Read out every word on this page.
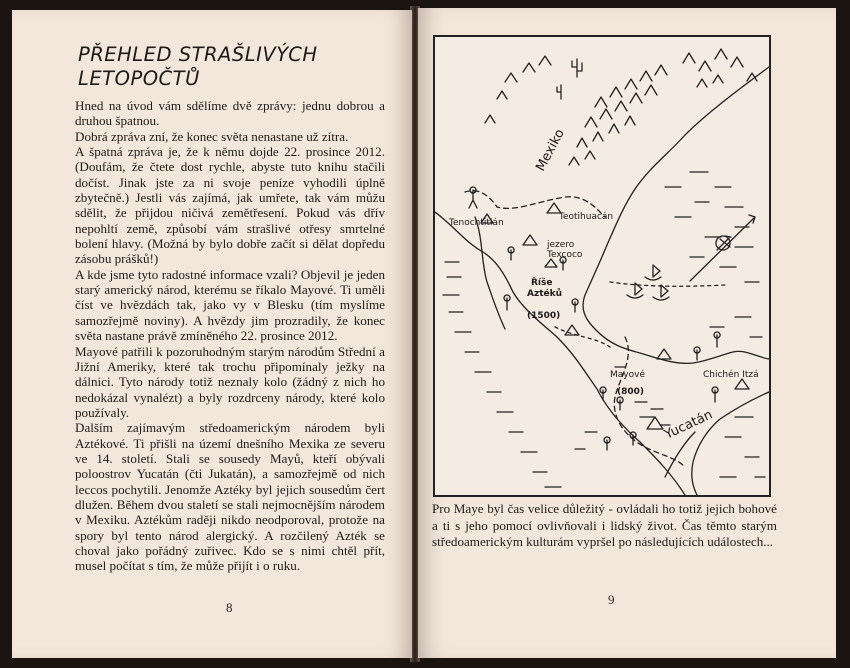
PŘEHLED STRAŠLIVÝCH
LETOPOČTŮ

Hned na úvod vám sdělíme dvě zprávy: jednu dobrou a druhou špatnou.

Dobrá zpráva zní, že konec světa nenastane už zítra.

A špatná zpráva je, že k němu dojde 22. prosince 2012. (Doufám, že čtete dost rychle, abyste tuto knihu stačili dočíst. Jinak jste za ni svoje peníze vyhodili úplně zbytečně.) Jestli vás zajímá, jak umřete, tak vám můžu sdělit, že přijdou ničivá zemětřesení. Pokud vás dřív nepohltí země, způsobí vám strašlivé otřesy smrtelné bolení hlavy. (Možná by bylo dobře začít si dělat dopředu zásobu prášků!)

A kde jsme tyto radostné informace vzali? Objevil je jeden starý americký národ, kterému se říkalo Mayové. Ti uměli číst ve hvězdách tak, jako vy v Blesku (tím myslíme samozřejmě noviny). A hvězdy jim prozradily, že konec světa nastane právě zmíněného 22. prosince 2012.

Mayové patřili k pozoruhodným starým národům Střední a Jižní Ameriky, které tak trochu připomínaly ježky na dálnici. Tyto národy totiž neznaly kolo (žádný z nich ho nedokázal vynalézt) a byly rozdrceny národy, které kolo používaly.

Dalším zajímavým středoamerickým národem byli Aztékové. Ti přišli na území dnešního Mexika ze severu ve 14. století. Stali se sousedy Mayů, kteří obývali poloostrov Yucatán (čti Jukatán), a samozřejmě od nich leccos pochytili. Jenomže Aztéky byl jejich sousedům čert dlužen. Během dvou staletí se stali nejmocnějším národem v Mexiku. Aztékům raději nikdo neodporoval, protože na spory byl tento národ alergický. A rozčilený Azték se choval jako pořádný zuřivec. Kdo se s nimi chtěl přít, musel počítat s tím, že může přijít i o ruku.

8
Mexiko
Tenochtitlán
Teotihuacán
jezero
Texcoco
Říše
Aztéků
(1500)
Mayové
(800)
Chichén Itzá
Yucatán
Pro Maye byl čas velice důležitý - ovládali ho totiž jejich bohové a ti s jeho pomocí ovlivňovali i lidský život. Čas těmto starým středoamerickým kulturám vypršel po následujících událostech...
9
